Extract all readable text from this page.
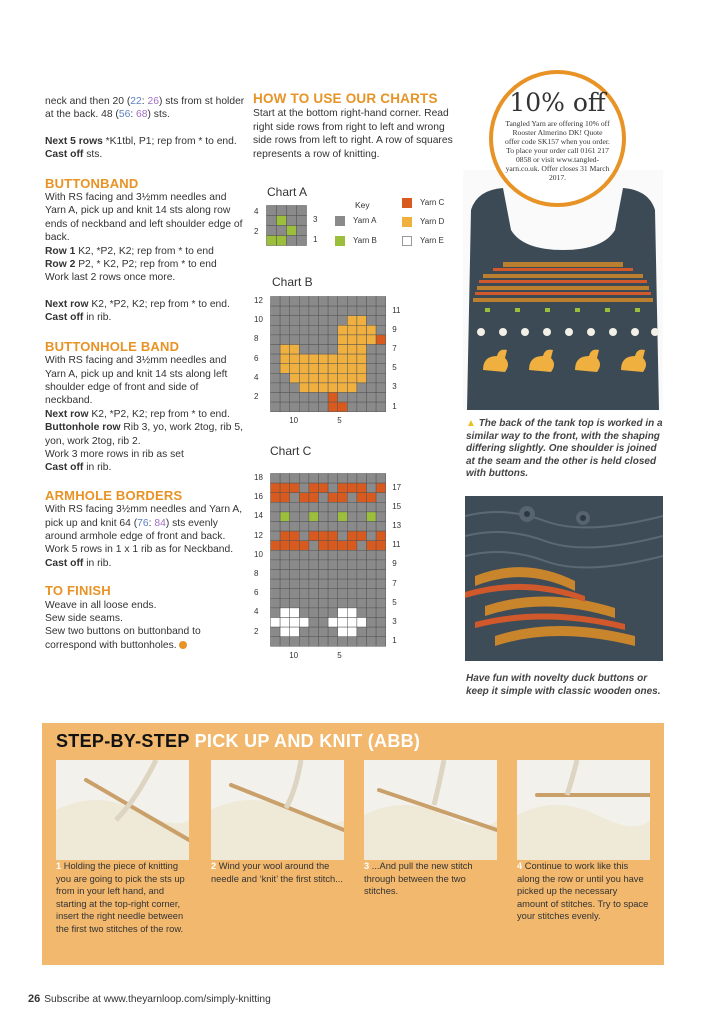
neck and then 20 (22: 26) sts from st holder at the back. 48 (56: 68) sts.

Next 5 rows *K1tbl, P1; rep from * to end. Cast off sts.

BUTTONBAND

With RS facing and 3½mm needles and Yarn A, pick up and knit 14 sts along row ends of neckband and left shoulder edge of back.

Row 1 K2, *P2, K2; rep from * to end

Row 2 P2, * K2, P2; rep from * to end

Work last 2 rows once more.

Next row K2, *P2, K2; rep from * to end. Cast off in rib.

BUTTONHOLE BAND

With RS facing and 3½mm needles and Yarn A, pick up and knit 14 sts along left shoulder edge of front and side of neckband.

Next row K2, *P2, K2; rep from * to end.

Buttonhole row Rib 3, yo, work 2tog, rib 5, yon, work 2tog, rib 2.

Work 3 more rows in rib as set

Cast off in rib.

ARMHOLE BORDERS

With RS facing 3½mm needles and Yarn A, pick up and knit 64 (76: 84) sts evenly around armhole edge of front and back.

Work 5 rows in 1 x 1 rib as for Neckband.

Cast off in rib.

TO FINISH

Weave in all loose ends.

Sew side seams.

Sew two buttons on buttonband to correspond with buttonholes.

HOW TO USE OUR CHARTS

Start at the bottom right-hand corner. Read right side rows from right to left and wrong side rows from left to right. A row of squares represents a row of knitting.

Chart A
4
2
3
1
Key
Yarn A
Yarn B
Yarn C
Yarn D
Yarn E
Chart B
12
10
8
6
4
2
11
9
7
5
3
1
10	5
Chart C
18
16
14
12
10
8
6
4
2
17
15
13
11
9
7
5
3
1
10	5
10% off
Tangled Yarn are offering 10% off Rooster Almerino DK! Quote offer code SK157 when you order. To place your order call 0161 217 0858 or visit www.tangled-yarn.co.uk. Offer closes 31 March 2017.
▲ The back of the tank top is worked in a similar way to the front, with the shaping differing slightly. One shoulder is joined at the seam and the other is held closed with buttons.
Have fun with novelty duck buttons or keep it simple with classic wooden ones.
STEP-BY-STEP PICK UP AND KNIT (ABB)
1 Holding the piece of knitting you are going to pick the sts up from in your left hand, and starting at the top-right corner, insert the right needle between the first two stitches of the row.
2 Wind your wool around the needle and ‘knit’ the first stitch...
3 ...And pull the new stitch through between the two stitches.
4 Continue to work like this along the row or until you have picked up the necessary amount of stitches. Try to space your stitches evenly.
26 Subscribe at www.theyarnloop.com/simply-knitting
